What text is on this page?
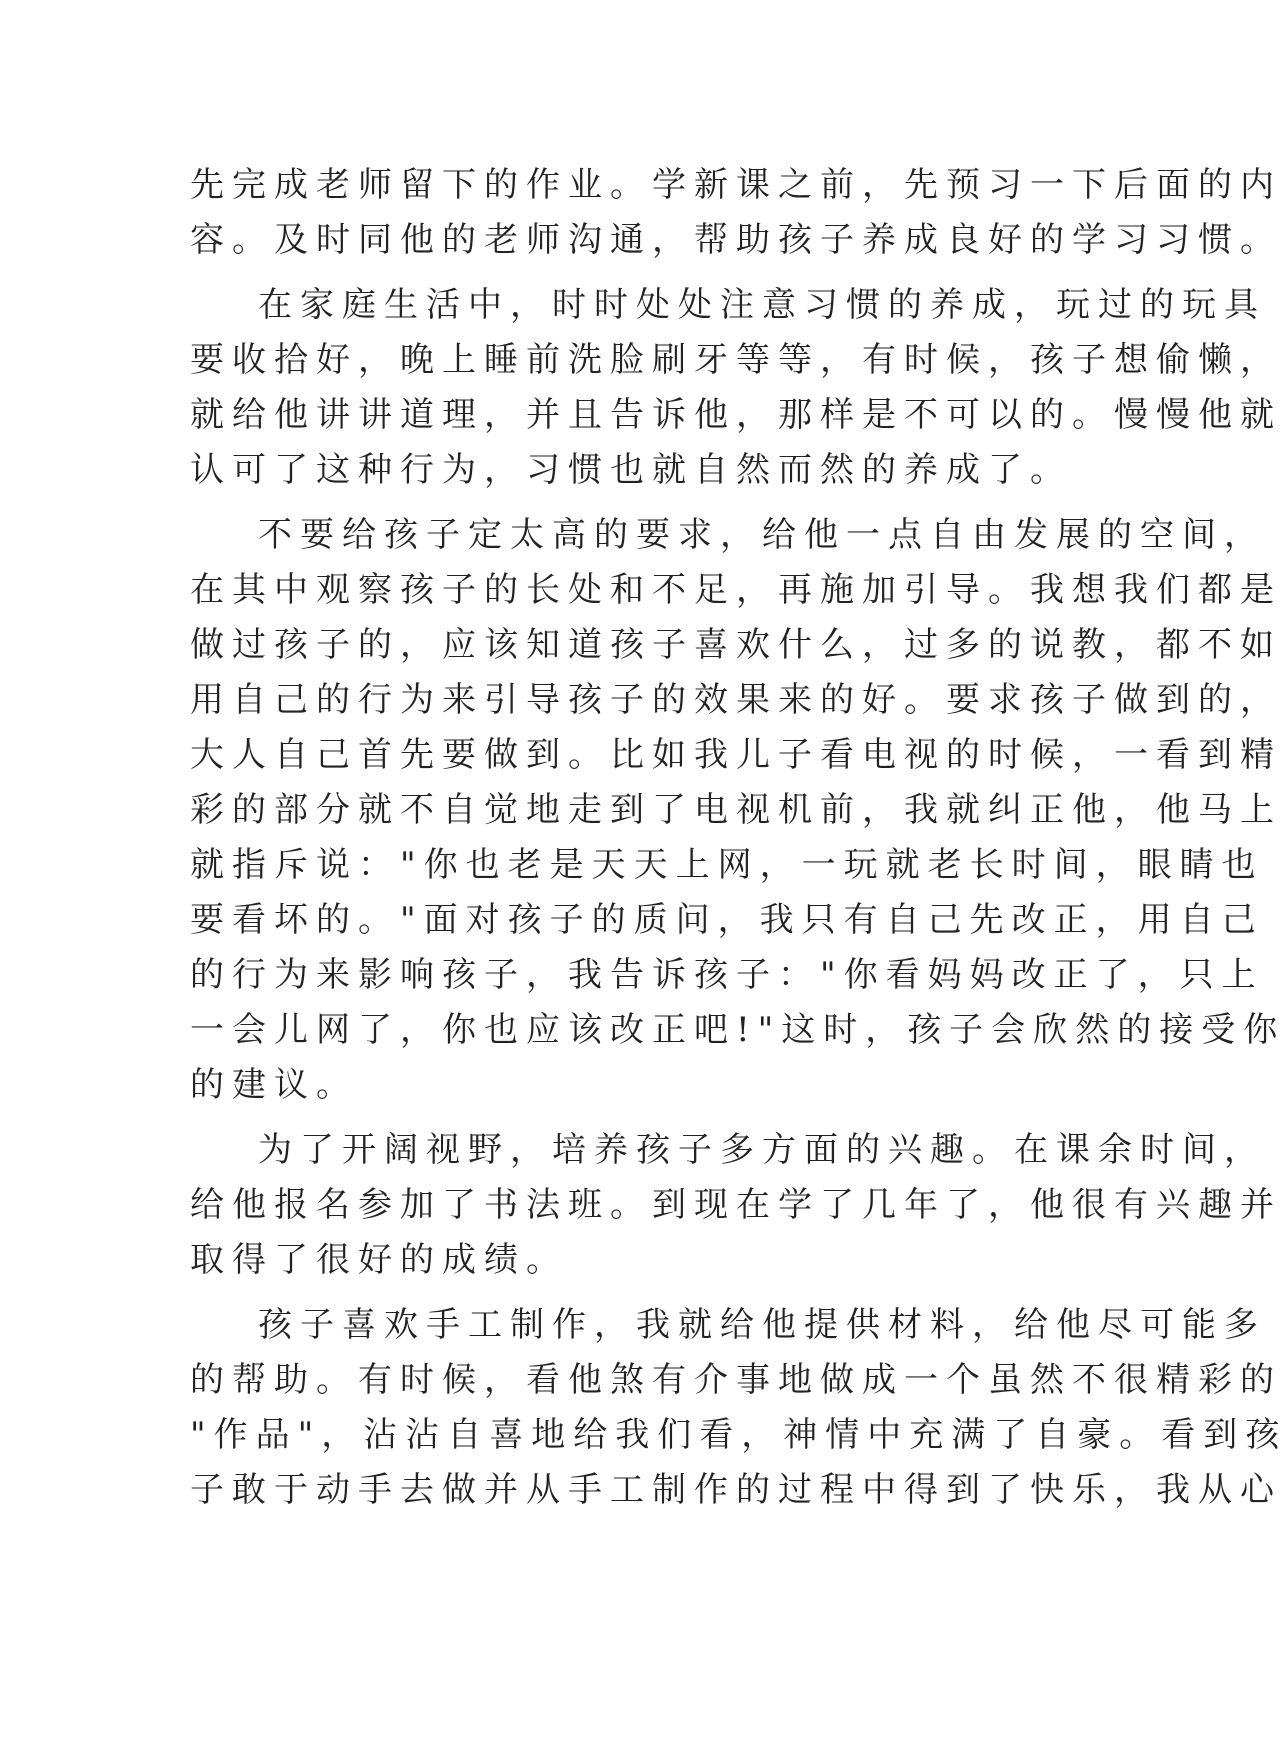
先完成老师留下的作业。学新课之前，先预习一下后面的内
容。及时同他的老师沟通，帮助孩子养成良好的学习习惯。
在家庭生活中，时时处处注意习惯的养成，玩过的玩具
要收拾好，晚上睡前洗脸刷牙等等，有时候，孩子想偷懒，
就给他讲讲道理，并且告诉他，那样是不可以的。慢慢他就
认可了这种行为，习惯也就自然而然的养成了。
不要给孩子定太高的要求，给他一点自由发展的空间，
在其中观察孩子的长处和不足，再施加引导。我想我们都是
做过孩子的，应该知道孩子喜欢什么，过多的说教，都不如
用自己的行为来引导孩子的效果来的好。要求孩子做到的，
大人自己首先要做到。比如我儿子看电视的时候，一看到精
彩的部分就不自觉地走到了电视机前，我就纠正他，他马上
就指斥说："你也老是天天上网，一玩就老长时间，眼睛也
要看坏的。"面对孩子的质问，我只有自己先改正，用自己
的行为来影响孩子，我告诉孩子："你看妈妈改正了，只上
一会儿网了，你也应该改正吧!"这时，孩子会欣然的接受你
的建议。
为了开阔视野，培养孩子多方面的兴趣。在课余时间，
给他报名参加了书法班。到现在学了几年了，他很有兴趣并
取得了很好的成绩。
孩子喜欢手工制作，我就给他提供材料，给他尽可能多
的帮助。有时候，看他煞有介事地做成一个虽然不很精彩的
"作品"，沾沾自喜地给我们看，神情中充满了自豪。看到孩
子敢于动手去做并从手工制作的过程中得到了快乐，我从心
